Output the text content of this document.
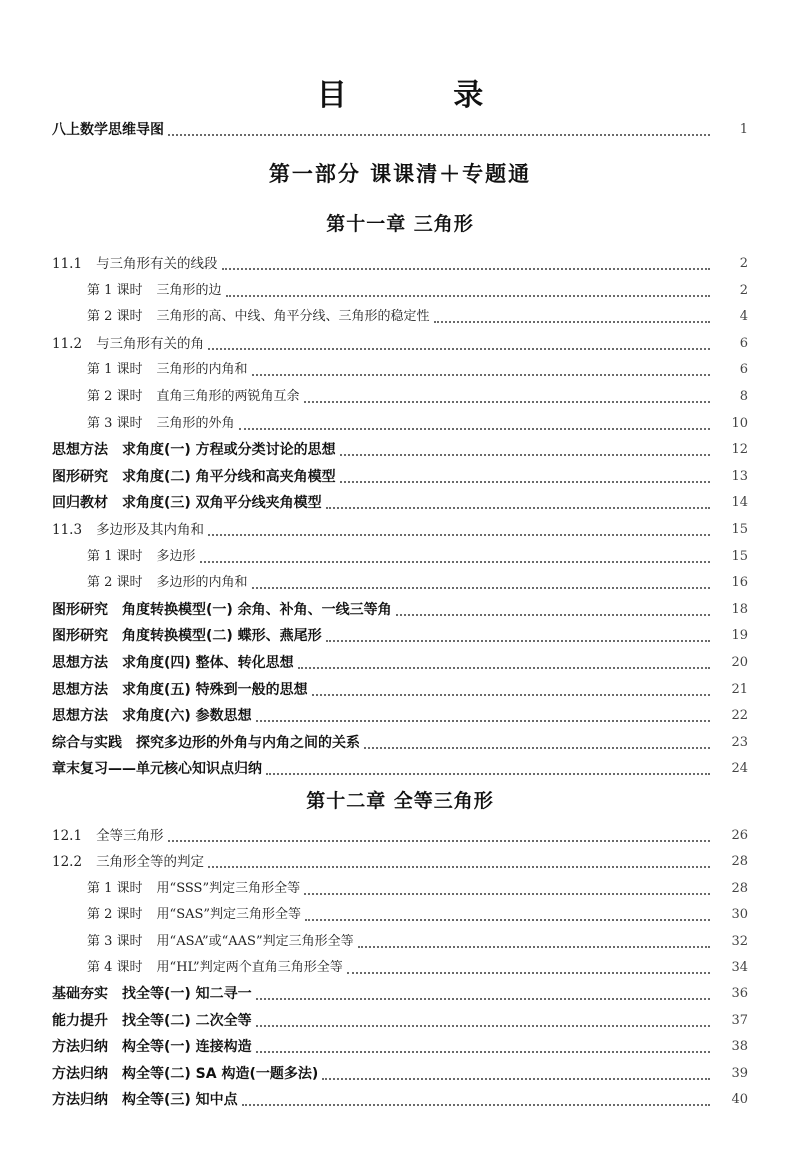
目 录
八上数学思维导图	1
第一部分 课课清＋专题通
第十一章 三角形
11.1 与三角形有关的线段	2
第 1 课时 三角形的边	2
第 2 课时 三角形的高、中线、角平分线、三角形的稳定性	4
11.2 与三角形有关的角	6
第 1 课时 三角形的内角和	6
第 2 课时 直角三角形的两锐角互余	8
第 3 课时 三角形的外角	10
思想方法 求角度(一) 方程或分类讨论的思想	12
图形研究 求角度(二) 角平分线和高夹角模型	13
回归教材 求角度(三) 双角平分线夹角模型	14
11.3 多边形及其内角和	15
第 1 课时 多边形	15
第 2 课时 多边形的内角和	16
图形研究 角度转换模型(一) 余角、补角、一线三等角	18
图形研究 角度转换模型(二) 蝶形、燕尾形	19
思想方法 求角度(四) 整体、转化思想	20
思想方法 求角度(五) 特殊到一般的思想	21
思想方法 求角度(六) 参数思想	22
综合与实践 探究多边形的外角与内角之间的关系	23
章末复习——单元核心知识点归纳	24
第十二章 全等三角形
12.1 全等三角形	26
12.2 三角形全等的判定	28
第 1 课时 用“SSS”判定三角形全等	28
第 2 课时 用“SAS”判定三角形全等	30
第 3 课时 用“ASA”或“AAS”判定三角形全等	32
第 4 课时 用“HL”判定两个直角三角形全等	34
基础夯实 找全等(一) 知二寻一	36
能力提升 找全等(二) 二次全等	37
方法归纳 构全等(一) 连接构造	38
方法归纳 构全等(二) SA 构造(一题多法)	39
方法归纳 构全等(三) 知中点	40
